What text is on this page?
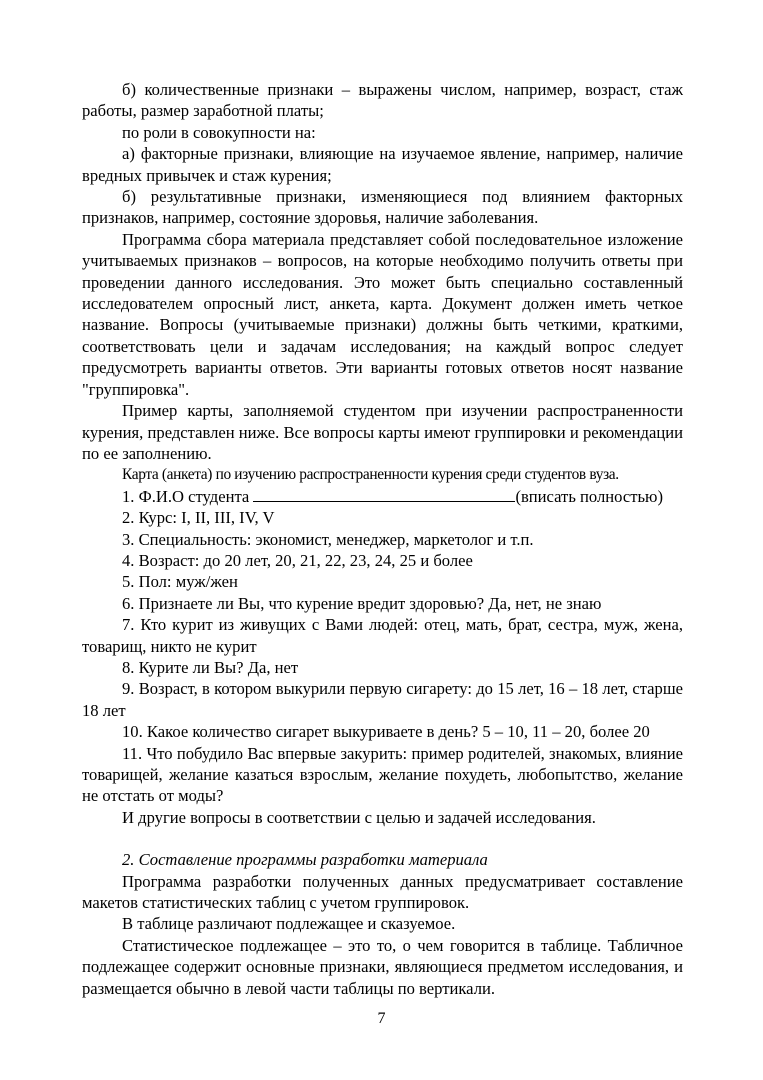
б) количественные признаки – выражены числом, например, возраст, стаж работы, размер заработной платы;

по роли в совокупности на:

а) факторные признаки, влияющие на изучаемое явление, например, наличие вредных привычек и стаж курения;

б) результативные признаки, изменяющиеся под влиянием факторных признаков, например, состояние здоровья, наличие заболевания.

Программа сбора материала представляет собой последовательное изложение учитываемых признаков – вопросов, на которые необходимо получить ответы при проведении данного исследования. Это может быть специально составленный исследователем опросный лист, анкета, карта. Документ должен иметь четкое название. Вопросы (учитываемые признаки) должны быть четкими, краткими, соответствовать цели и задачам исследования; на каждый вопрос следует предусмотреть варианты ответов. Эти варианты готовых ответов носят название "группировка".

Пример карты, заполняемой студентом при изучении распространенности курения, представлен ниже. Все вопросы карты имеют группировки и рекомендации по ее заполнению.

Карта (анкета) по изучению распространенности курения среди студентов вуза.

1. Ф.И.О студента	(вписать полностью)

2. Курс: I, II, III, IV, V

3. Специальность: экономист, менеджер, маркетолог и т.п.

4. Возраст: до 20 лет, 20, 21, 22, 23, 24, 25 и более

5. Пол: муж/жен

6. Признаете ли Вы, что курение вредит здоровью? Да, нет, не знаю

7. Кто курит из живущих с Вами людей: отец, мать, брат, сестра, муж, жена, товарищ, никто не курит

8. Курите ли Вы? Да, нет

9. Возраст, в котором выкурили первую сигарету: до 15 лет, 16 – 18 лет, старше 18 лет

10. Какое количество сигарет выкуриваете в день? 5 – 10, 11 – 20, более 20

11. Что побудило Вас впервые закурить: пример родителей, знакомых, влияние товарищей, желание казаться взрослым, желание похудеть, любопытство, желание не отстать от моды?

И другие вопросы в соответствии с целью и задачей исследования.

2. Составление программы разработки материала

Программа разработки полученных данных предусматривает составление макетов статистических таблиц с учетом группировок.

В таблице различают подлежащее и сказуемое.

Статистическое подлежащее – это то, о чем говорится в таблице. Табличное подлежащее содержит основные признаки, являющиеся предметом исследования, и размещается обычно в левой части таблицы по вертикали.

7
